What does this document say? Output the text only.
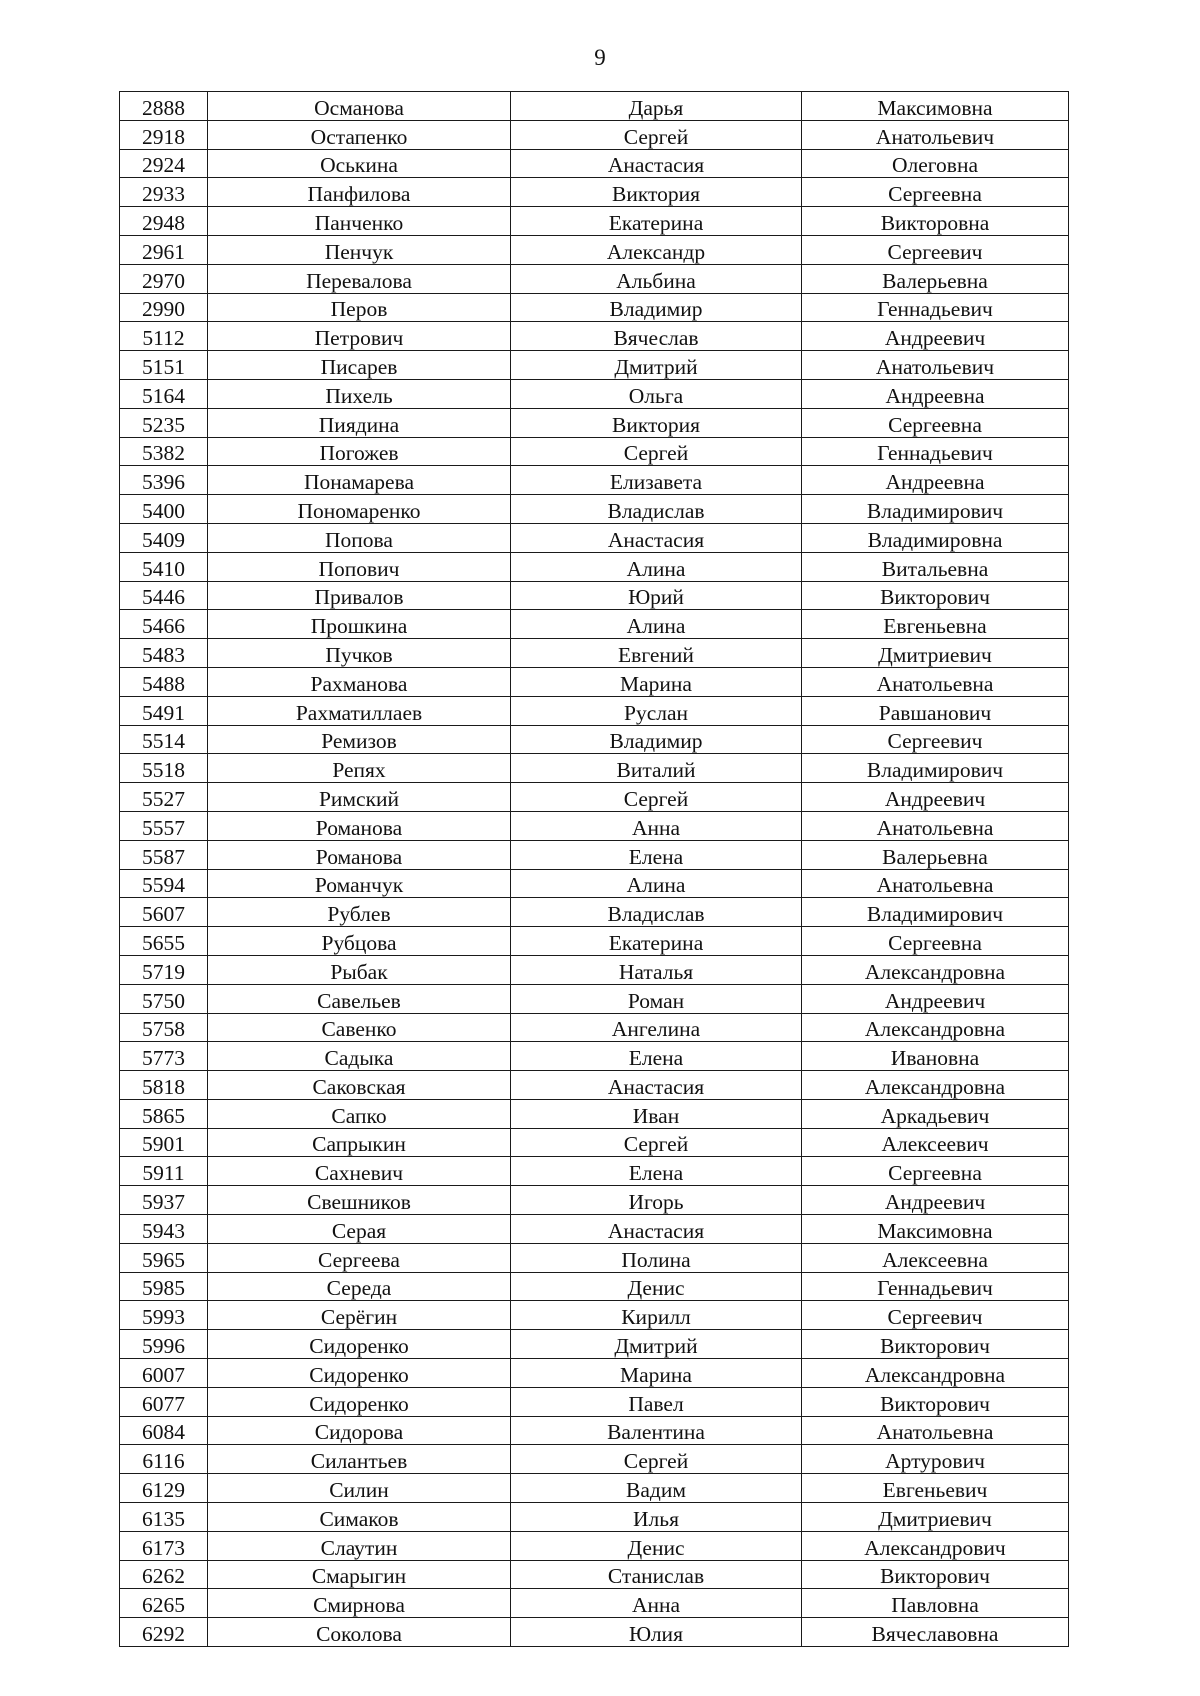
9
2888	Османова	Дарья	Максимовна
2918	Остапенко	Сергей	Анатольевич
2924	Оськина	Анастасия	Олеговна
2933	Панфилова	Виктория	Сергеевна
2948	Панченко	Екатерина	Викторовна
2961	Пенчук	Александр	Сергеевич
2970	Перевалова	Альбина	Валерьевна
2990	Перов	Владимир	Геннадьевич
5112	Петрович	Вячеслав	Андреевич
5151	Писарев	Дмитрий	Анатольевич
5164	Пихель	Ольга	Андреевна
5235	Пиядина	Виктория	Сергеевна
5382	Погожев	Сергей	Геннадьевич
5396	Понамарева	Елизавета	Андреевна
5400	Пономаренко	Владислав	Владимирович
5409	Попова	Анастасия	Владимировна
5410	Попович	Алина	Витальевна
5446	Привалов	Юрий	Викторович
5466	Прошкина	Алина	Евгеньевна
5483	Пучков	Евгений	Дмитриевич
5488	Рахманова	Марина	Анатольевна
5491	Рахматиллаев	Руслан	Равшанович
5514	Ремизов	Владимир	Сергеевич
5518	Репях	Виталий	Владимирович
5527	Римский	Сергей	Андреевич
5557	Романова	Анна	Анатольевна
5587	Романова	Елена	Валерьевна
5594	Романчук	Алина	Анатольевна
5607	Рублев	Владислав	Владимирович
5655	Рубцова	Екатерина	Сергеевна
5719	Рыбак	Наталья	Александровна
5750	Савельев	Роман	Андреевич
5758	Савенко	Ангелина	Александровна
5773	Садыка	Елена	Ивановна
5818	Саковская	Анастасия	Александровна
5865	Сапко	Иван	Аркадьевич
5901	Сапрыкин	Сергей	Алексеевич
5911	Сахневич	Елена	Сергеевна
5937	Свешников	Игорь	Андреевич
5943	Серая	Анастасия	Максимовна
5965	Сергеева	Полина	Алексеевна
5985	Середа	Денис	Геннадьевич
5993	Серёгин	Кирилл	Сергеевич
5996	Сидоренко	Дмитрий	Викторович
6007	Сидоренко	Марина	Александровна
6077	Сидоренко	Павел	Викторович
6084	Сидорова	Валентина	Анатольевна
6116	Силантьев	Сергей	Артурович
6129	Силин	Вадим	Евгеньевич
6135	Симаков	Илья	Дмитриевич
6173	Слаутин	Денис	Александрович
6262	Смарыгин	Станислав	Викторович
6265	Смирнова	Анна	Павловна
6292	Соколова	Юлия	Вячеславовна
